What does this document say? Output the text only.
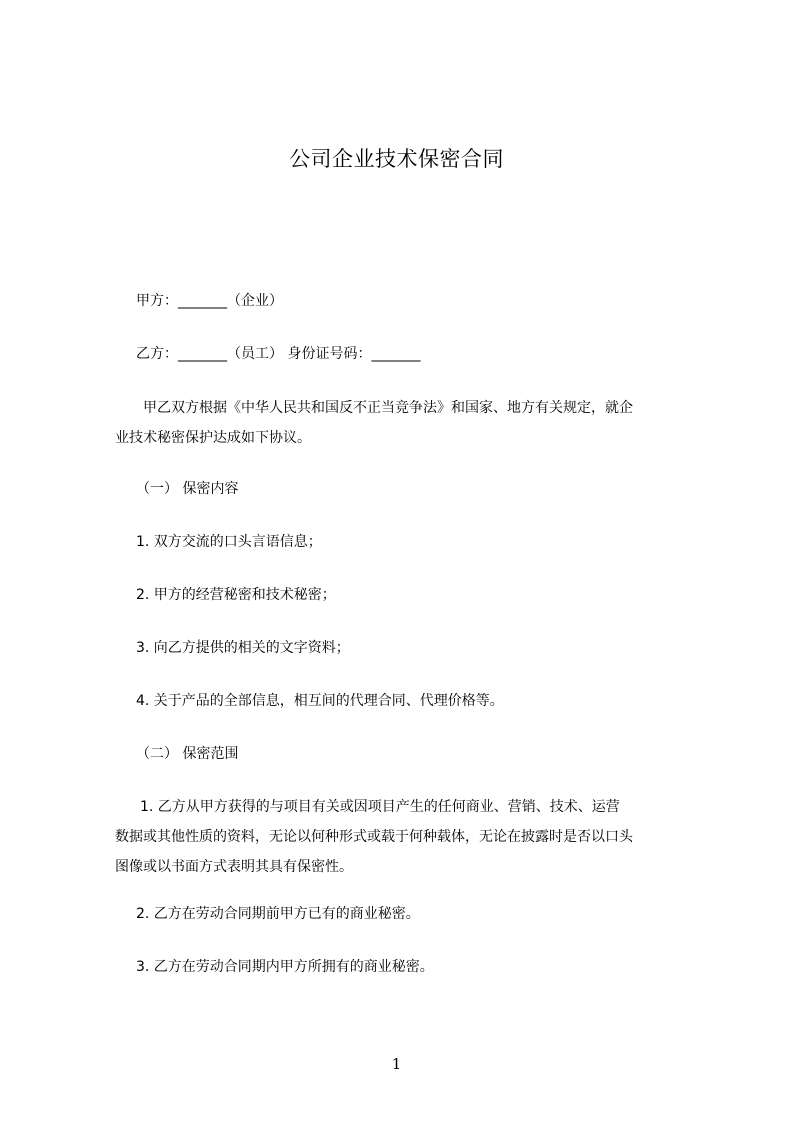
公司企业技术保密合同
甲方：_______（企业）
乙方：_______（员工） 身份证号码：_______
甲乙双方根据《中华人民共和国反不正当竞争法》和国家、地方有关规定，就企
业技术秘密保护达成如下协议。
（一） 保密内容
1. 双方交流的口头言语信息；
2. 甲方的经营秘密和技术秘密；
3. 向乙方提供的相关的文字资料；
4. 关于产品的全部信息，相互间的代理合同、代理价格等。
（二） 保密范围
1. 乙方从甲方获得的与项目有关或因项目产生的任何商业、营销、技术、运营
数据或其他性质的资料，无论以何种形式或载于何种载体，无论在披露时是否以口头
图像或以书面方式表明其具有保密性。
2. 乙方在劳动合同期前甲方已有的商业秘密。
3. 乙方在劳动合同期内甲方所拥有的商业秘密。
1
